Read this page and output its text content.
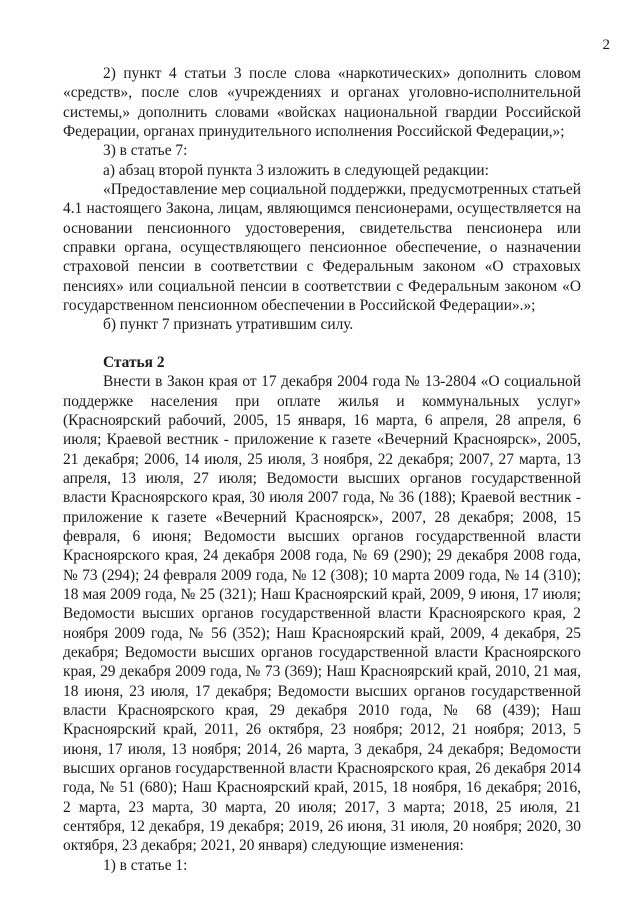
2

2) пункт 4 статьи 3 после слова «наркотических» дополнить словом «средств», после слов «учреждениях и органах уголовно-исполнительной системы,» дополнить словами «войсках национальной гвардии Российской Федерации, органах принудительного исполнения Российской Федерации,»;

3) в статье 7:

а) абзац второй пункта 3 изложить в следующей редакции:

«Предоставление мер социальной поддержки, предусмотренных статьей 4.1 настоящего Закона, лицам, являющимся пенсионерами, осуществляется на основании пенсионного удостоверения, свидетельства пенсионера или справки органа, осуществляющего пенсионное обеспечение, о назначении страховой пенсии в соответствии с Федеральным законом «О страховых пенсиях» или социальной пенсии в соответствии с Федеральным законом «О государственном пенсионном обеспечении в Российской Федерации».»;

б) пункт 7 признать утратившим силу.

Статья 2

Внести в Закон края от 17 декабря 2004 года № 13-2804 «О социальной поддержке населения при оплате жилья и коммунальных услуг» (Красноярский рабочий, 2005, 15 января, 16 марта, 6 апреля, 28 апреля, 6 июля; Краевой вестник - приложение к газете «Вечерний Красноярск», 2005, 21 декабря; 2006, 14 июля, 25 июля, 3 ноября, 22 декабря; 2007, 27 марта, 13 апреля, 13 июля, 27 июля; Ведомости высших органов государственной власти Красноярского края, 30 июля 2007 года, № 36 (188); Краевой вестник - приложение к газете «Вечерний Красноярск», 2007, 28 декабря; 2008, 15 февраля, 6 июня; Ведомости высших органов государственной власти Красноярского края, 24 декабря 2008 года, № 69 (290); 29 декабря 2008 года, № 73 (294); 24 февраля 2009 года, № 12 (308); 10 марта 2009 года, № 14 (310); 18 мая 2009 года, № 25 (321); Наш Красноярский край, 2009, 9 июня, 17 июля; Ведомости высших органов государственной власти Красноярского края, 2 ноября 2009 года, № 56 (352); Наш Красноярский край, 2009, 4 декабря, 25 декабря; Ведомости высших органов государственной власти Красноярского края, 29 декабря 2009 года, № 73 (369); Наш Красноярский край, 2010, 21 мая, 18 июня, 23 июля, 17 декабря; Ведомости высших органов государственной власти Красноярского края, 29 декабря 2010 года, № 68 (439); Наш Красноярский край, 2011, 26 октября, 23 ноября; 2012, 21 ноября; 2013, 5 июня, 17 июля, 13 ноября; 2014, 26 марта, 3 декабря, 24 декабря; Ведомости высших органов государственной власти Красноярского края, 26 декабря 2014 года, № 51 (680); Наш Красноярский край, 2015, 18 ноября, 16 декабря; 2016, 2 марта, 23 марта, 30 марта, 20 июля; 2017, 3 марта; 2018, 25 июля, 21 сентября, 12 декабря, 19 декабря; 2019, 26 июня, 31 июля, 20 ноября; 2020, 30 октября, 23 декабря; 2021, 20 января) следующие изменения:

1) в статье 1:
